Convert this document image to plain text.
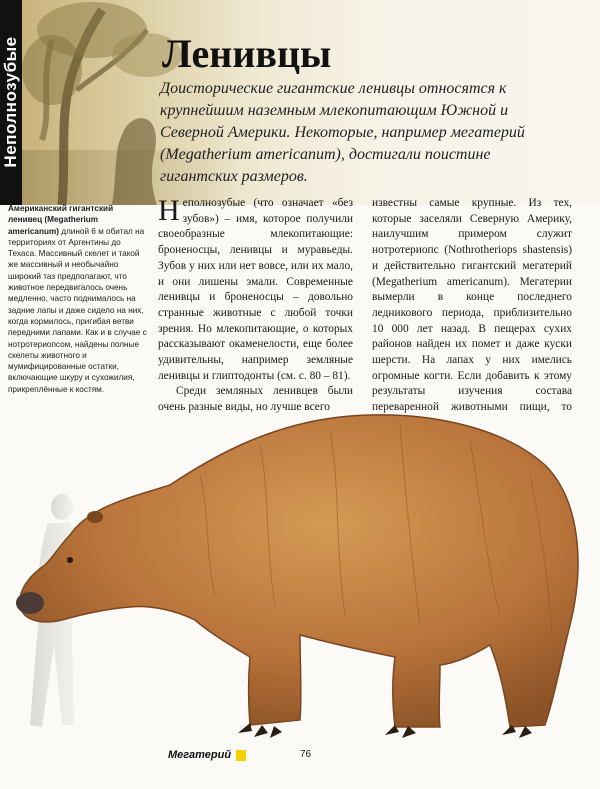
Неполнозубые	Ленивцы

Доисторические гигантские ленивцы относятся к крупнейшим наземным млекопитающим Южной и Северной Америки. Некоторые, например мегатерий (Megatherium americanum), достигали поистине гигантских размеров.

Американский гигантский ленивец (Megatherium americanum) длиной 6 м обитал на территориях от Аргентины до Техаса. Массивный скелет и такой же массивный и необычайно широкий таз предполагают, что животное передвигалось очень медленно, часто поднималось на задние лапы и даже сидело на них, когда кормилось, пригибая ветви передними лапами. Как и в случае с нотротериопсом, найдены полные скелеты животного и мумифицированные остатки, включающие шкуру и сухожилия, прикреплённые к костям.

Неполнозубые (что означает «без зубов») – имя, которое получили своеобразные млекопитающие: броненосцы, ленивцы и муравьеды. Зубов у них или нет вовсе, или их мало, и они лишены эмали. Современные ленивцы и броненосцы – довольно странные животные с любой точки зрения. Но млекопитающие, о которых рассказывают окаменелости, еще более удивительны, например земляные ленивцы и глиптодонты (см. с. 80 – 81).

Среди земляных ленивцев были очень разные виды, но лучше всего

известны самые крупные. Из тех, которые заселяли Северную Америку, наилучшим примером служит нотротериопс (Nothrotheriops shastensis) и действительно гигантский мегатерий (Megatherium americanum). Мегатерии вымерли в конце последнего ледникового периода, приблизительно 10 000 лет назад. В пещерах сухих районов найден их помет и даже куски шерсти. На лапах у них имелись огромные когти. Если добавить к этому результаты изучения состава переваренной животными пищи, то

Мегатерий	76
